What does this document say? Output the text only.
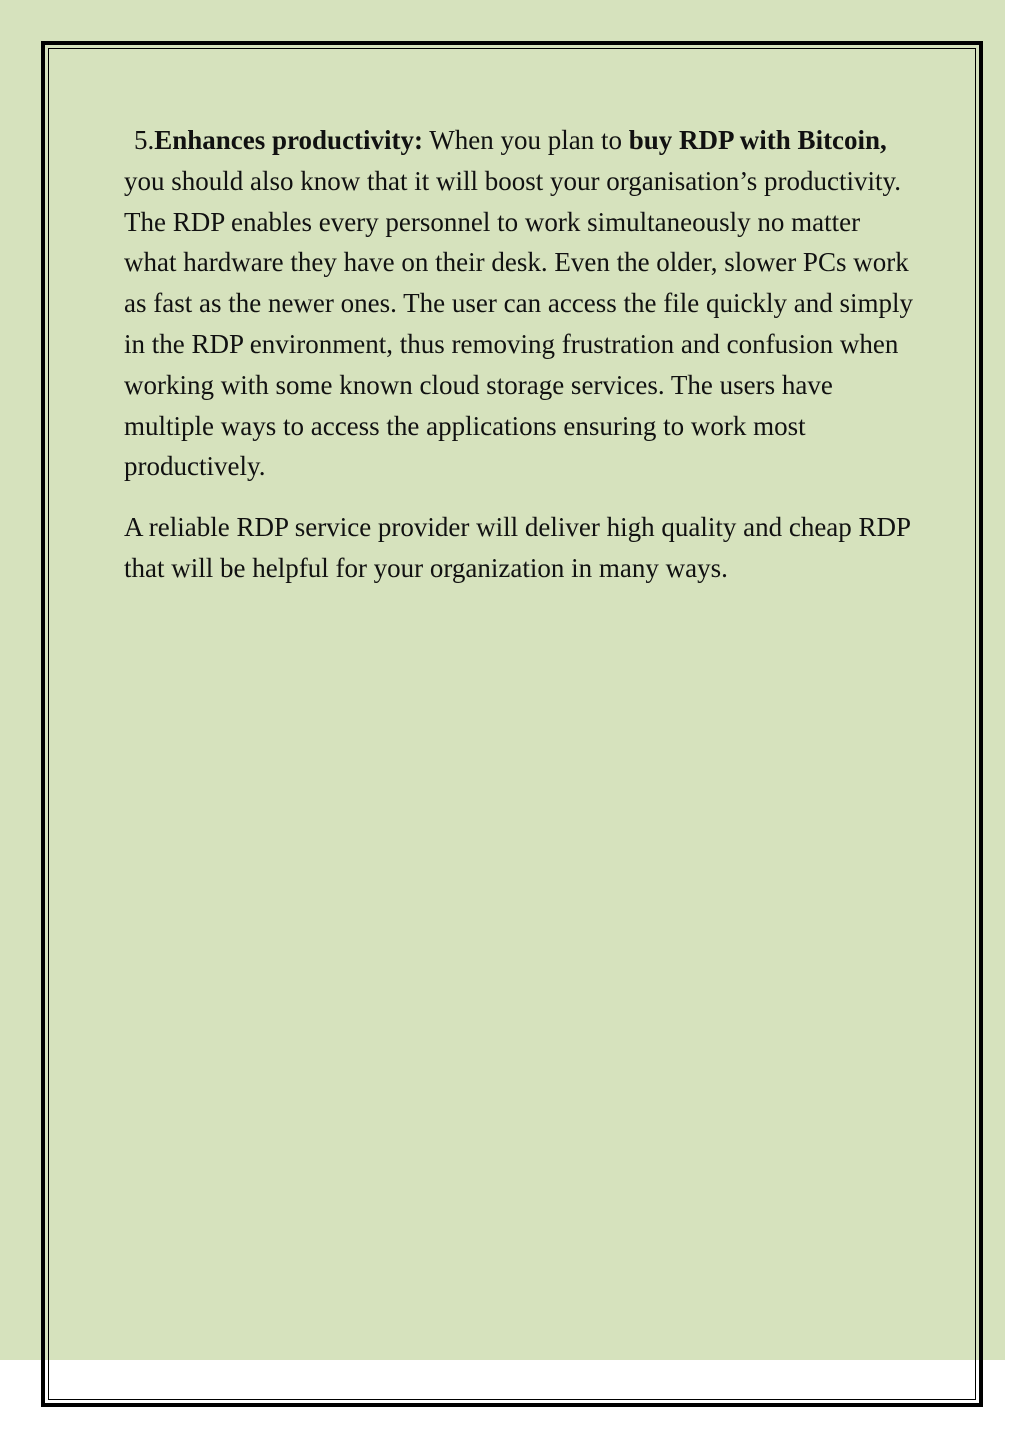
5.Enhances productivity: When you plan to buy RDP with Bitcoin, you should also know that it will boost your organisation’s productivity. The RDP enables every personnel to work simultaneously no matter what hardware they have on their desk. Even the older, slower PCs work as fast as the newer ones. The user can access the file quickly and simply in the RDP environment, thus removing frustration and confusion when working with some known cloud storage services. The users have multiple ways to access the applications ensuring to work most productively.

A reliable RDP service provider will deliver high quality and cheap RDP that will be helpful for your organization in many ways.
